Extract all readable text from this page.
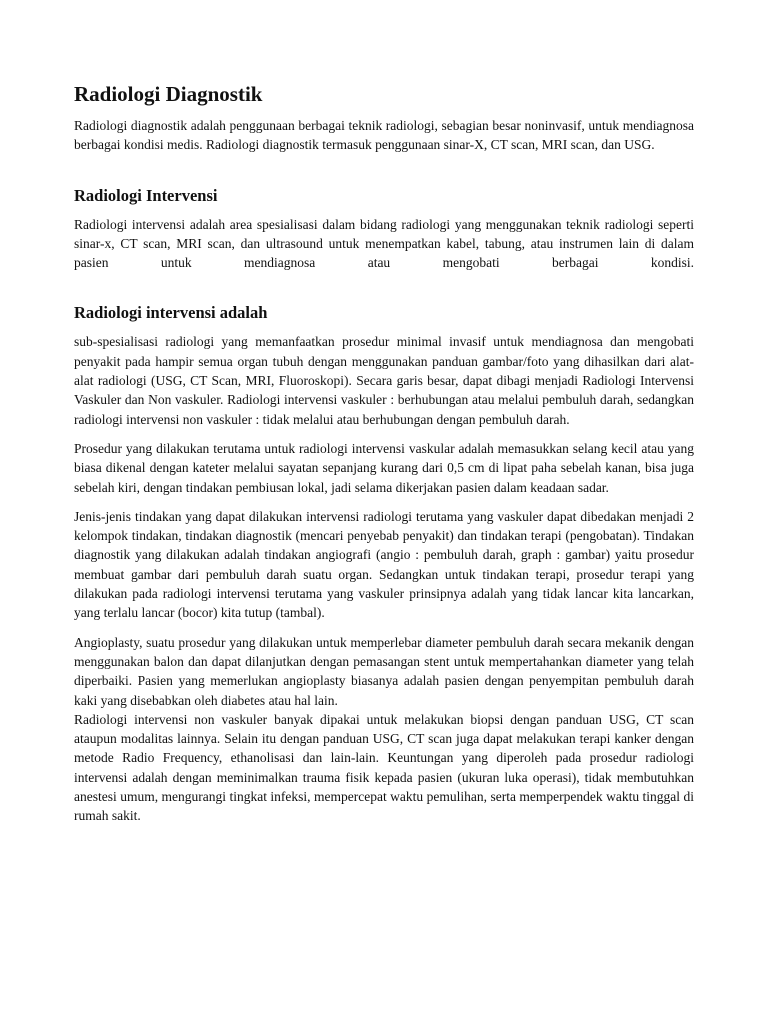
Radiologi Diagnostik

Radiologi diagnostik adalah penggunaan berbagai teknik radiologi, sebagian besar noninvasif, untuk mendiagnosa berbagai kondisi medis. Radiologi diagnostik termasuk penggunaan sinar-X, CT scan, MRI scan, dan USG.

Radiologi Intervensi

Radiologi intervensi adalah area spesialisasi dalam bidang radiologi yang menggunakan teknik radiologi seperti sinar-x, CT scan, MRI scan, dan ultrasound untuk menempatkan kabel, tabung, atau instrumen lain di dalam pasien untuk mendiagnosa atau mengobati berbagai kondisi.

Radiologi intervensi adalah

sub-spesialisasi radiologi yang memanfaatkan prosedur minimal invasif untuk mendiagnosa dan mengobati penyakit pada hampir semua organ tubuh dengan menggunakan panduan gambar/foto yang dihasilkan dari alat-alat radiologi (USG, CT Scan, MRI, Fluoroskopi). Secara garis besar, dapat dibagi menjadi Radiologi Intervensi Vaskuler dan Non vaskuler. Radiologi intervensi vaskuler : berhubungan atau melalui pembuluh darah, sedangkan radiologi intervensi non vaskuler : tidak melalui atau berhubungan dengan pembuluh darah.

Prosedur yang dilakukan terutama untuk radiologi intervensi vaskular adalah memasukkan selang kecil atau yang biasa dikenal dengan kateter melalui sayatan sepanjang kurang dari 0,5 cm di lipat paha sebelah kanan, bisa juga sebelah kiri, dengan tindakan pembiusan lokal, jadi selama dikerjakan pasien dalam keadaan sadar.

Jenis-jenis tindakan yang dapat dilakukan intervensi radiologi terutama yang vaskuler dapat dibedakan menjadi 2 kelompok tindakan, tindakan diagnostik (mencari penyebab penyakit) dan tindakan terapi (pengobatan). Tindakan diagnostik yang dilakukan adalah tindakan angiografi (angio : pembuluh darah, graph : gambar) yaitu prosedur membuat gambar dari pembuluh darah suatu organ. Sedangkan untuk tindakan terapi, prosedur terapi yang dilakukan pada radiologi intervensi terutama yang vaskuler prinsipnya adalah yang tidak lancar kita lancarkan, yang terlalu lancar (bocor) kita tutup (tambal).

Angioplasty, suatu prosedur yang dilakukan untuk memperlebar diameter pembuluh darah secara mekanik dengan menggunakan balon dan dapat dilanjutkan dengan pemasangan stent untuk mempertahankan diameter yang telah diperbaiki. Pasien yang memerlukan angioplasty biasanya adalah pasien dengan penyempitan pembuluh darah kaki yang disebabkan oleh diabetes atau hal lain.

Radiologi intervensi non vaskuler banyak dipakai untuk melakukan biopsi dengan panduan USG, CT scan ataupun modalitas lainnya. Selain itu dengan panduan USG, CT scan juga dapat melakukan terapi kanker dengan metode Radio Frequency, ethanolisasi dan lain-lain. Keuntungan yang diperoleh pada prosedur radiologi intervensi adalah dengan meminimalkan trauma fisik kepada pasien (ukuran luka operasi), tidak membutuhkan anestesi umum, mengurangi tingkat infeksi, mempercepat waktu pemulihan, serta memperpendek waktu tinggal di rumah sakit.
